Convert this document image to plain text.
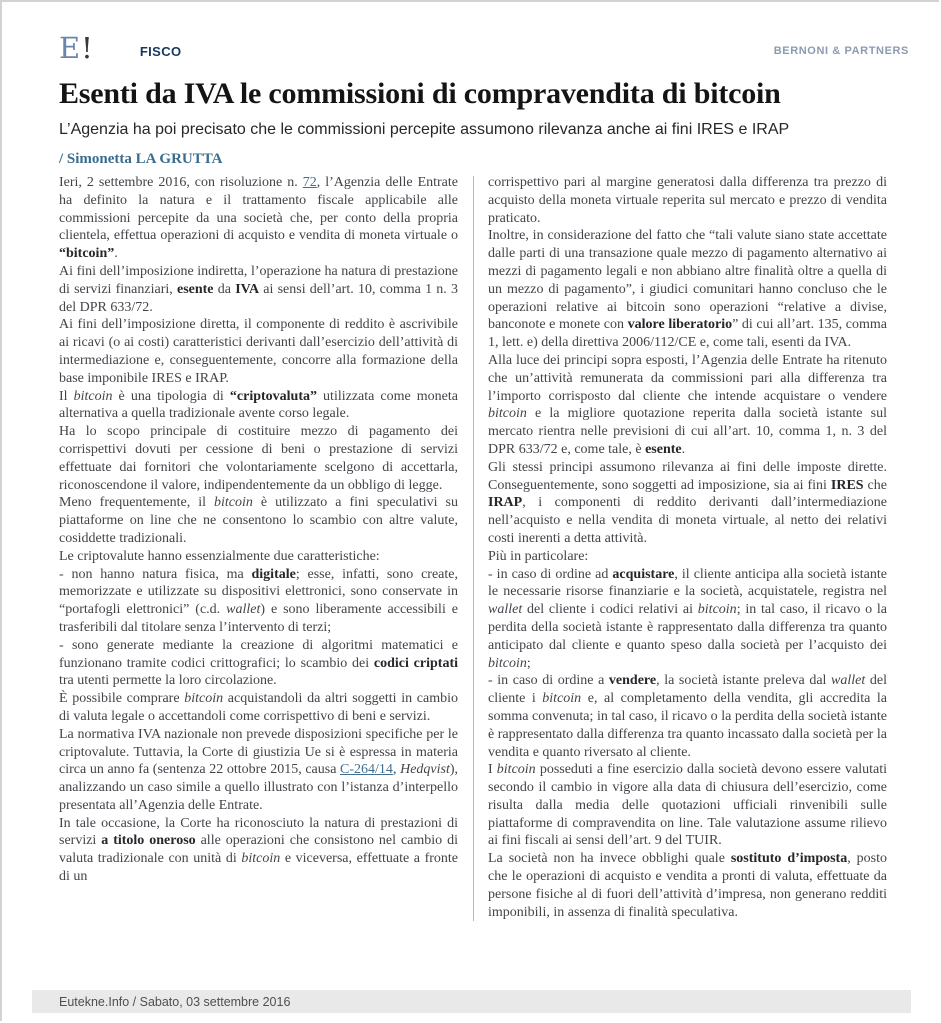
E!	FISCO	BERNONI & PARTNERS
Esenti da IVA le commissioni di compravendita di bitcoin
L’Agenzia ha poi precisato che le commissioni percepite assumono rilevanza anche ai fini IRES e IRAP
/ Simonetta LA GRUTTA

Ieri, 2 settembre 2016, con risoluzione n. 72, l’Agenzia delle Entrate ha definito la natura e il trattamento fiscale applicabile alle commissioni percepite da una società che, per conto della propria clientela, effettua operazioni di acquisto e vendita di moneta virtuale o “bitcoin”.

Ai fini dell’imposizione indiretta, l’operazione ha natura di prestazione di servizi finanziari, esente da IVA ai sensi dell’art. 10, comma 1 n. 3 del DPR 633/72.

Ai fini dell’imposizione diretta, il componente di reddito è ascrivibile ai ricavi (o ai costi) caratteristici derivanti dall’esercizio dell’attività di intermediazione e, conseguentemente, concorre alla formazione della base imponibile IRES e IRAP.

Il bitcoin è una tipologia di “criptovaluta” utilizzata come moneta alternativa a quella tradizionale avente corso legale.

Ha lo scopo principale di costituire mezzo di pagamento dei corrispettivi dovuti per cessione di beni o prestazione di servizi effettuate dai fornitori che volontariamente scelgono di accettarla, riconoscendone il valore, indipendentemente da un obbligo di legge.

Meno frequentemente, il bitcoin è utilizzato a fini speculativi su piattaforme on line che ne consentono lo scambio con altre valute, cosiddette tradizionali.

Le criptovalute hanno essenzialmente due caratteristiche:

- non hanno natura fisica, ma digitale; esse, infatti, sono create, memorizzate e utilizzate su dispositivi elettronici, sono conservate in “portafogli elettronici” (c.d. wallet) e sono liberamente accessibili e trasferibili dal titolare senza l’intervento di terzi;

- sono generate mediante la creazione di algoritmi matematici e funzionano tramite codici crittografici; lo scambio dei codici criptati tra utenti permette la loro circolazione.

È possibile comprare bitcoin acquistandoli da altri soggetti in cambio di valuta legale o accettandoli come corrispettivo di beni e servizi.

La normativa IVA nazionale non prevede disposizioni specifiche per le criptovalute. Tuttavia, la Corte di giustizia Ue si è espressa in materia circa un anno fa (sentenza 22 ottobre 2015, causa C-264/14, Hedqvist), analizzando un caso simile a quello illustrato con l’istanza d’interpello presentata all’Agenzia delle Entrate.

In tale occasione, la Corte ha riconosciuto la natura di prestazioni di servizi a titolo oneroso alle operazioni che consistono nel cambio di valuta tradizionale con unità di bitcoin e viceversa, effettuate a fronte di un

corrispettivo pari al margine generatosi dalla differenza tra prezzo di acquisto della moneta virtuale reperita sul mercato e prezzo di vendita praticato.

Inoltre, in considerazione del fatto che “tali valute siano state accettate dalle parti di una transazione quale mezzo di pagamento alternativo ai mezzi di pagamento legali e non abbiano altre finalità oltre a quella di un mezzo di pagamento”, i giudici comunitari hanno concluso che le operazioni relative ai bitcoin sono operazioni “relative a divise, banconote e monete con valore liberatorio” di cui all’art. 135, comma 1, lett. e) della direttiva 2006/112/CE e, come tali, esenti da IVA.

Alla luce dei principi sopra esposti, l’Agenzia delle Entrate ha ritenuto che un’attività remunerata da commissioni pari alla differenza tra l’importo corrisposto dal cliente che intende acquistare o vendere bitcoin e la migliore quotazione reperita dalla società istante sul mercato rientra nelle previsioni di cui all’art. 10, comma 1, n. 3 del DPR 633/72 e, come tale, è esente.

Gli stessi principi assumono rilevanza ai fini delle imposte dirette. Conseguentemente, sono soggetti ad imposizione, sia ai fini IRES che IRAP, i componenti di reddito derivanti dall’intermediazione nell’acquisto e nella vendita di moneta virtuale, al netto dei relativi costi inerenti a detta attività.

Più in particolare:

- in caso di ordine ad acquistare, il cliente anticipa alla società istante le necessarie risorse finanziarie e la società, acquistatele, registra nel wallet del cliente i codici relativi ai bitcoin; in tal caso, il ricavo o la perdita della società istante è rappresentato dalla differenza tra quanto anticipato dal cliente e quanto speso dalla società per l’acquisto dei bitcoin;

- in caso di ordine a vendere, la società istante preleva dal wallet del cliente i bitcoin e, al completamento della vendita, gli accredita la somma convenuta; in tal caso, il ricavo o la perdita della società istante è rappresentato dalla differenza tra quanto incassato dalla società per la vendita e quanto riversato al cliente.

I bitcoin posseduti a fine esercizio dalla società devono essere valutati secondo il cambio in vigore alla data di chiusura dell’esercizio, come risulta dalla media delle quotazioni ufficiali rinvenibili sulle piattaforme di compravendita on line. Tale valutazione assume rilievo ai fini fiscali ai sensi dell’art. 9 del TUIR.

La società non ha invece obblighi quale sostituto d’imposta, posto che le operazioni di acquisto e vendita a pronti di valuta, effettuate da persone fisiche al di fuori dell’attività d’impresa, non generano redditi imponibili, in assenza di finalità speculativa.

Eutekne.Info / Sabato, 03 settembre 2016
